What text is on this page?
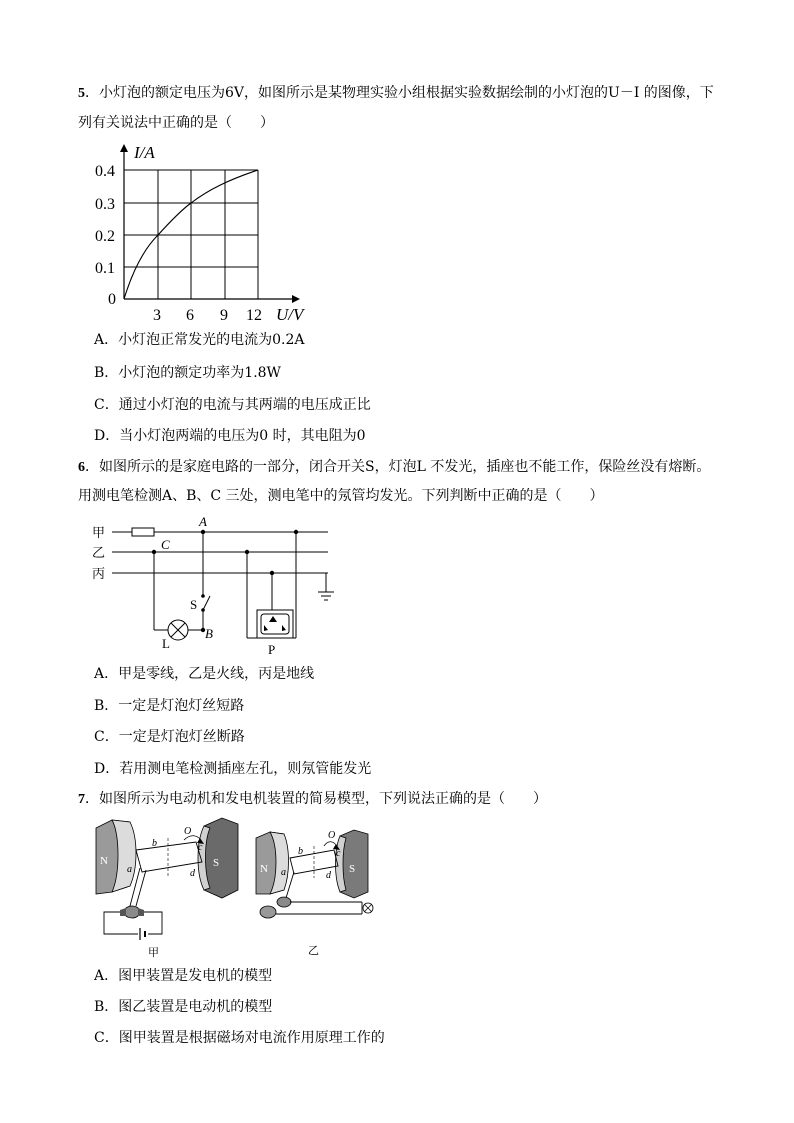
5．小灯泡的额定电压为6V，如图所示是某物理实验小组根据实验数据绘制的小灯泡的U－I 的图像，下
列有关说法中正确的是（　　）
I/A
U/V
0
0.4
0.3
0.2
0.1
3 6 9 12
A．小灯泡正常发光的电流为0.2A
B．小灯泡的额定功率为1.8W
C．通过小灯泡的电流与其两端的电压成正比
D．当小灯泡两端的电压为0 时，其电阻为0
6．如图所示的是家庭电路的一部分，闭合开关S，灯泡L 不发光，插座也不能工作，保险丝没有熔断。
用测电笔检测A、B、C 三处，测电笔中的氖管均发光。下列判断中正确的是（　　）
甲
乙
丙
A
C
B
S
L	P
A．甲是零线，乙是火线，丙是地线
B．一定是灯泡灯丝短路
C．一定是灯泡灯丝断路
D．若用测电笔检测插座左孔，则氖管能发光
7．如图所示为电动机和发电机装置的简易模型，下列说法正确的是（　　）
N	S
a
b	c
d
O
甲
N	S
a
b	c
d
O
乙
A．图甲装置是发电机的模型
B．图乙装置是电动机的模型
C．图甲装置是根据磁场对电流作用原理工作的
